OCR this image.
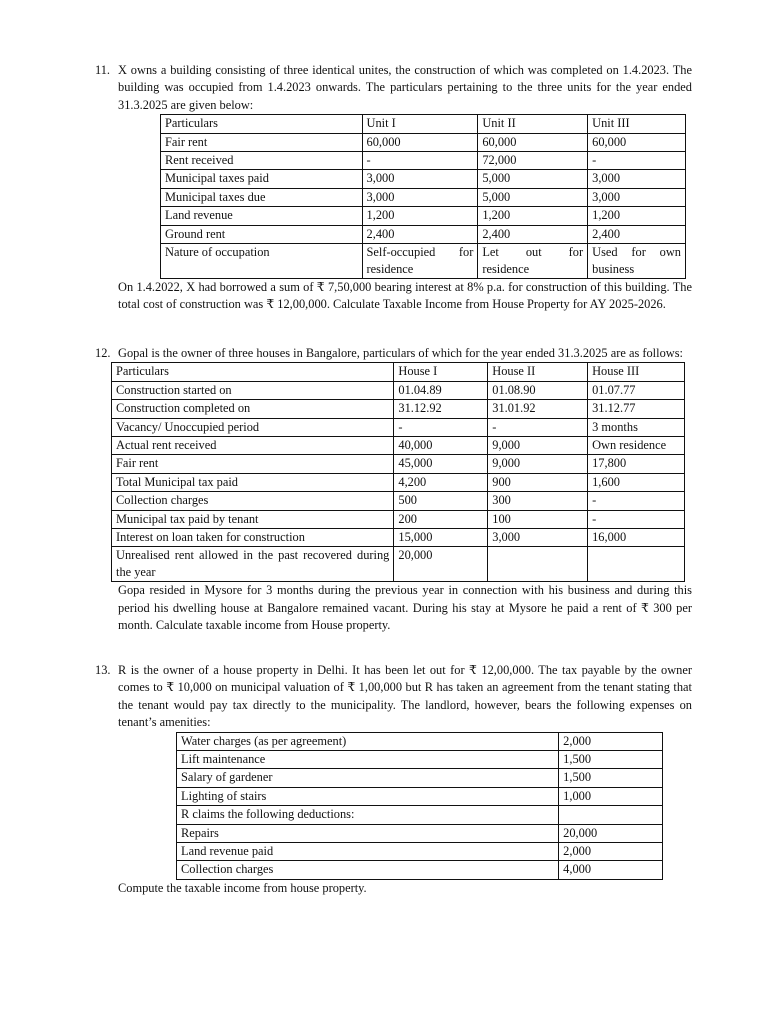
11. X owns a building consisting of three identical unites, the construction of which was completed on 1.4.2023. The building was occupied from 1.4.2023 onwards. The particulars pertaining to the three units for the year ended 31.3.2025 are given below:

Particulars	Unit I	Unit II	Unit III
Fair rent	60,000	60,000	60,000
Rent received	-	72,000	-
Municipal taxes paid	3,000	5,000	3,000
Municipal taxes due	3,000	5,000	3,000
Land revenue	1,200	1,200	1,200
Ground rent	2,400	2,400	2,400
Nature of occupation	Self-occupied for residence	Let out for residence	Used for own business

On 1.4.2022, X had borrowed a sum of ₹ 7,50,000 bearing interest at 8% p.a. for construction of this building. The total cost of construction was ₹ 12,00,000. Calculate Taxable Income from House Property for AY 2025-2026.

12. Gopal is the owner of three houses in Bangalore, particulars of which for the year ended 31.3.2025 are as follows:

Particulars	House I	House II	House III
Construction started on	01.04.89	01.08.90	01.07.77
Construction completed on	31.12.92	31.01.92	31.12.77
Vacancy/ Unoccupied period	-	-	3 months
Actual rent received	40,000	9,000	Own residence
Fair rent	45,000	9,000	17,800
Total Municipal tax paid	4,200	900	1,600
Collection charges	500	300	-
Municipal tax paid by tenant	200	100	-
Interest on loan taken for construction	15,000	3,000	16,000
Unrealised rent allowed in the past recovered during the year	20,000		

Gopa resided in Mysore for 3 months during the previous year in connection with his business and during this period his dwelling house at Bangalore remained vacant. During his stay at Mysore he paid a rent of ₹ 300 per month. Calculate taxable income from House property.

13. R is the owner of a house property in Delhi. It has been let out for ₹ 12,00,000. The tax payable by the owner comes to ₹ 10,000 on municipal valuation of ₹ 1,00,000 but R has taken an agreement from the tenant stating that the tenant would pay tax directly to the municipality. The landlord, however, bears the following expenses on tenant’s amenities:

Water charges (as per agreement)	2,000
Lift maintenance	1,500
Salary of gardener	1,500
Lighting of stairs	1,000
R claims the following deductions:	
Repairs	20,000
Land revenue paid	2,000
Collection charges	4,000

Compute the taxable income from house property.
